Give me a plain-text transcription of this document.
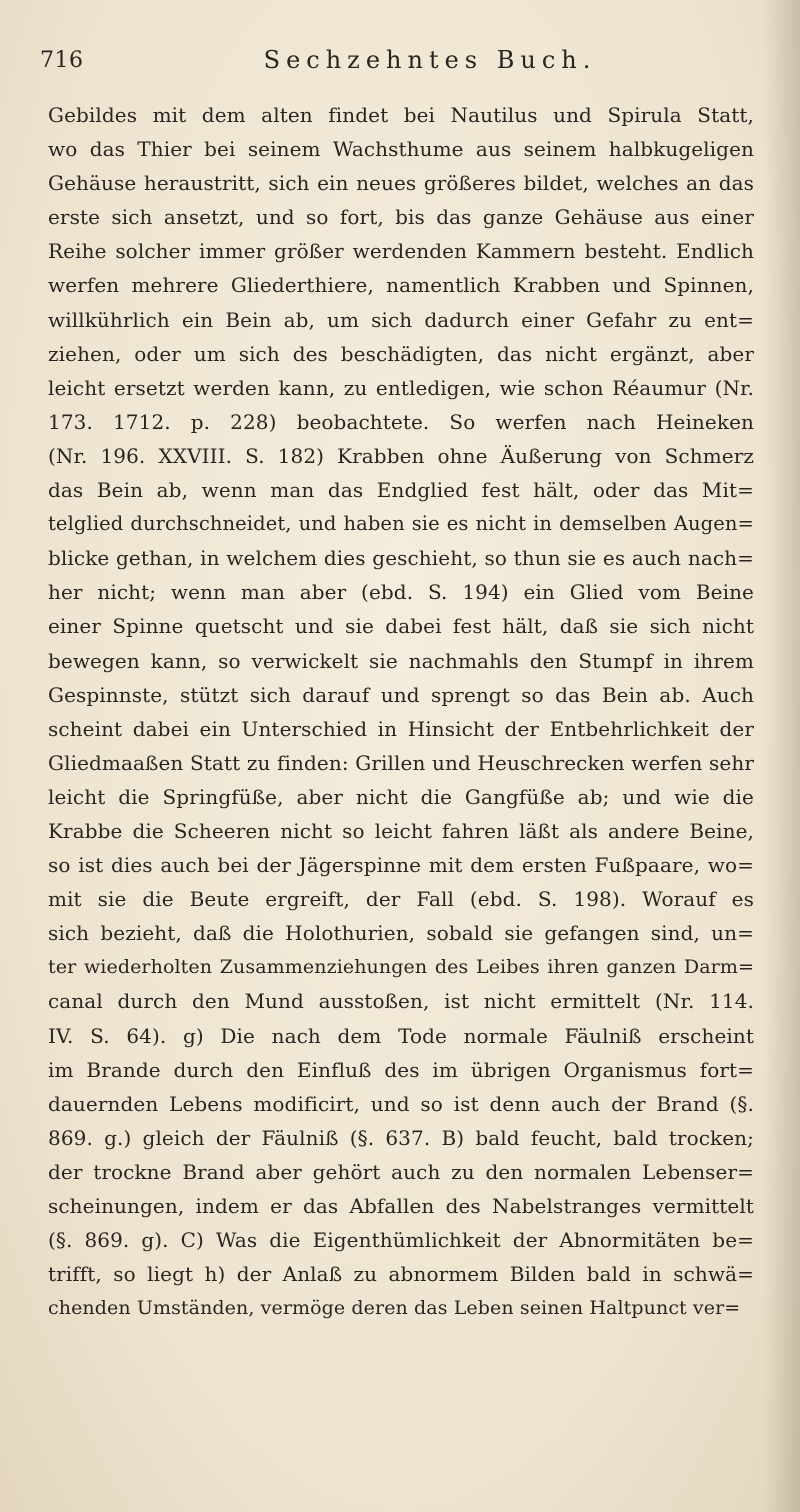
716	Sechzehntes Buch.
Gebildes mit dem alten findet bei Nautilus und Spirula Statt,
wo das Thier bei seinem Wachsthume aus seinem halbkugeligen
Gehäuse heraustritt, sich ein neues größeres bildet, welches an das
erste sich ansetzt, und so fort, bis das ganze Gehäuse aus einer
Reihe solcher immer größer werdenden Kammern besteht. Endlich
werfen mehrere Gliederthiere, namentlich Krabben und Spinnen,
willkührlich ein Bein ab, um sich dadurch einer Gefahr zu ent=
ziehen, oder um sich des beschädigten, das nicht ergänzt, aber
leicht ersetzt werden kann, zu entledigen, wie schon Réaumur (Nr.
173. 1712. p. 228) beobachtete. So werfen nach Heineken
(Nr. 196. XXVIII. S. 182) Krabben ohne Äußerung von Schmerz
das Bein ab, wenn man das Endglied fest hält, oder das Mit=
telglied durchschneidet, und haben sie es nicht in demselben Augen=
blicke gethan, in welchem dies geschieht, so thun sie es auch nach=
her nicht; wenn man aber (ebd. S. 194) ein Glied vom Beine
einer Spinne quetscht und sie dabei fest hält, daß sie sich nicht
bewegen kann, so verwickelt sie nachmahls den Stumpf in ihrem
Gespinnste, stützt sich darauf und sprengt so das Bein ab. Auch
scheint dabei ein Unterschied in Hinsicht der Entbehrlichkeit der
Gliedmaaßen Statt zu finden: Grillen und Heuschrecken werfen sehr
leicht die Springfüße, aber nicht die Gangfüße ab; und wie die
Krabbe die Scheeren nicht so leicht fahren läßt als andere Beine,
so ist dies auch bei der Jägerspinne mit dem ersten Fußpaare, wo=
mit sie die Beute ergreift, der Fall (ebd. S. 198). Worauf es
sich bezieht, daß die Holothurien, sobald sie gefangen sind, un=
ter wiederholten Zusammenziehungen des Leibes ihren ganzen Darm=
canal durch den Mund ausstoßen, ist nicht ermittelt (Nr. 114.
IV. S. 64). g) Die nach dem Tode normale Fäulniß erscheint
im Brande durch den Einfluß des im übrigen Organismus fort=
dauernden Lebens modificirt, und so ist denn auch der Brand (§.
869. g.) gleich der Fäulniß (§. 637. B) bald feucht, bald trocken;
der trockne Brand aber gehört auch zu den normalen Lebenser=
scheinungen, indem er das Abfallen des Nabelstranges vermittelt
(§. 869. g). C) Was die Eigenthümlichkeit der Abnormitäten be=
trifft, so liegt h) der Anlaß zu abnormem Bilden bald in schwä=
chenden Umständen, vermöge deren das Leben seinen Haltpunct ver=
